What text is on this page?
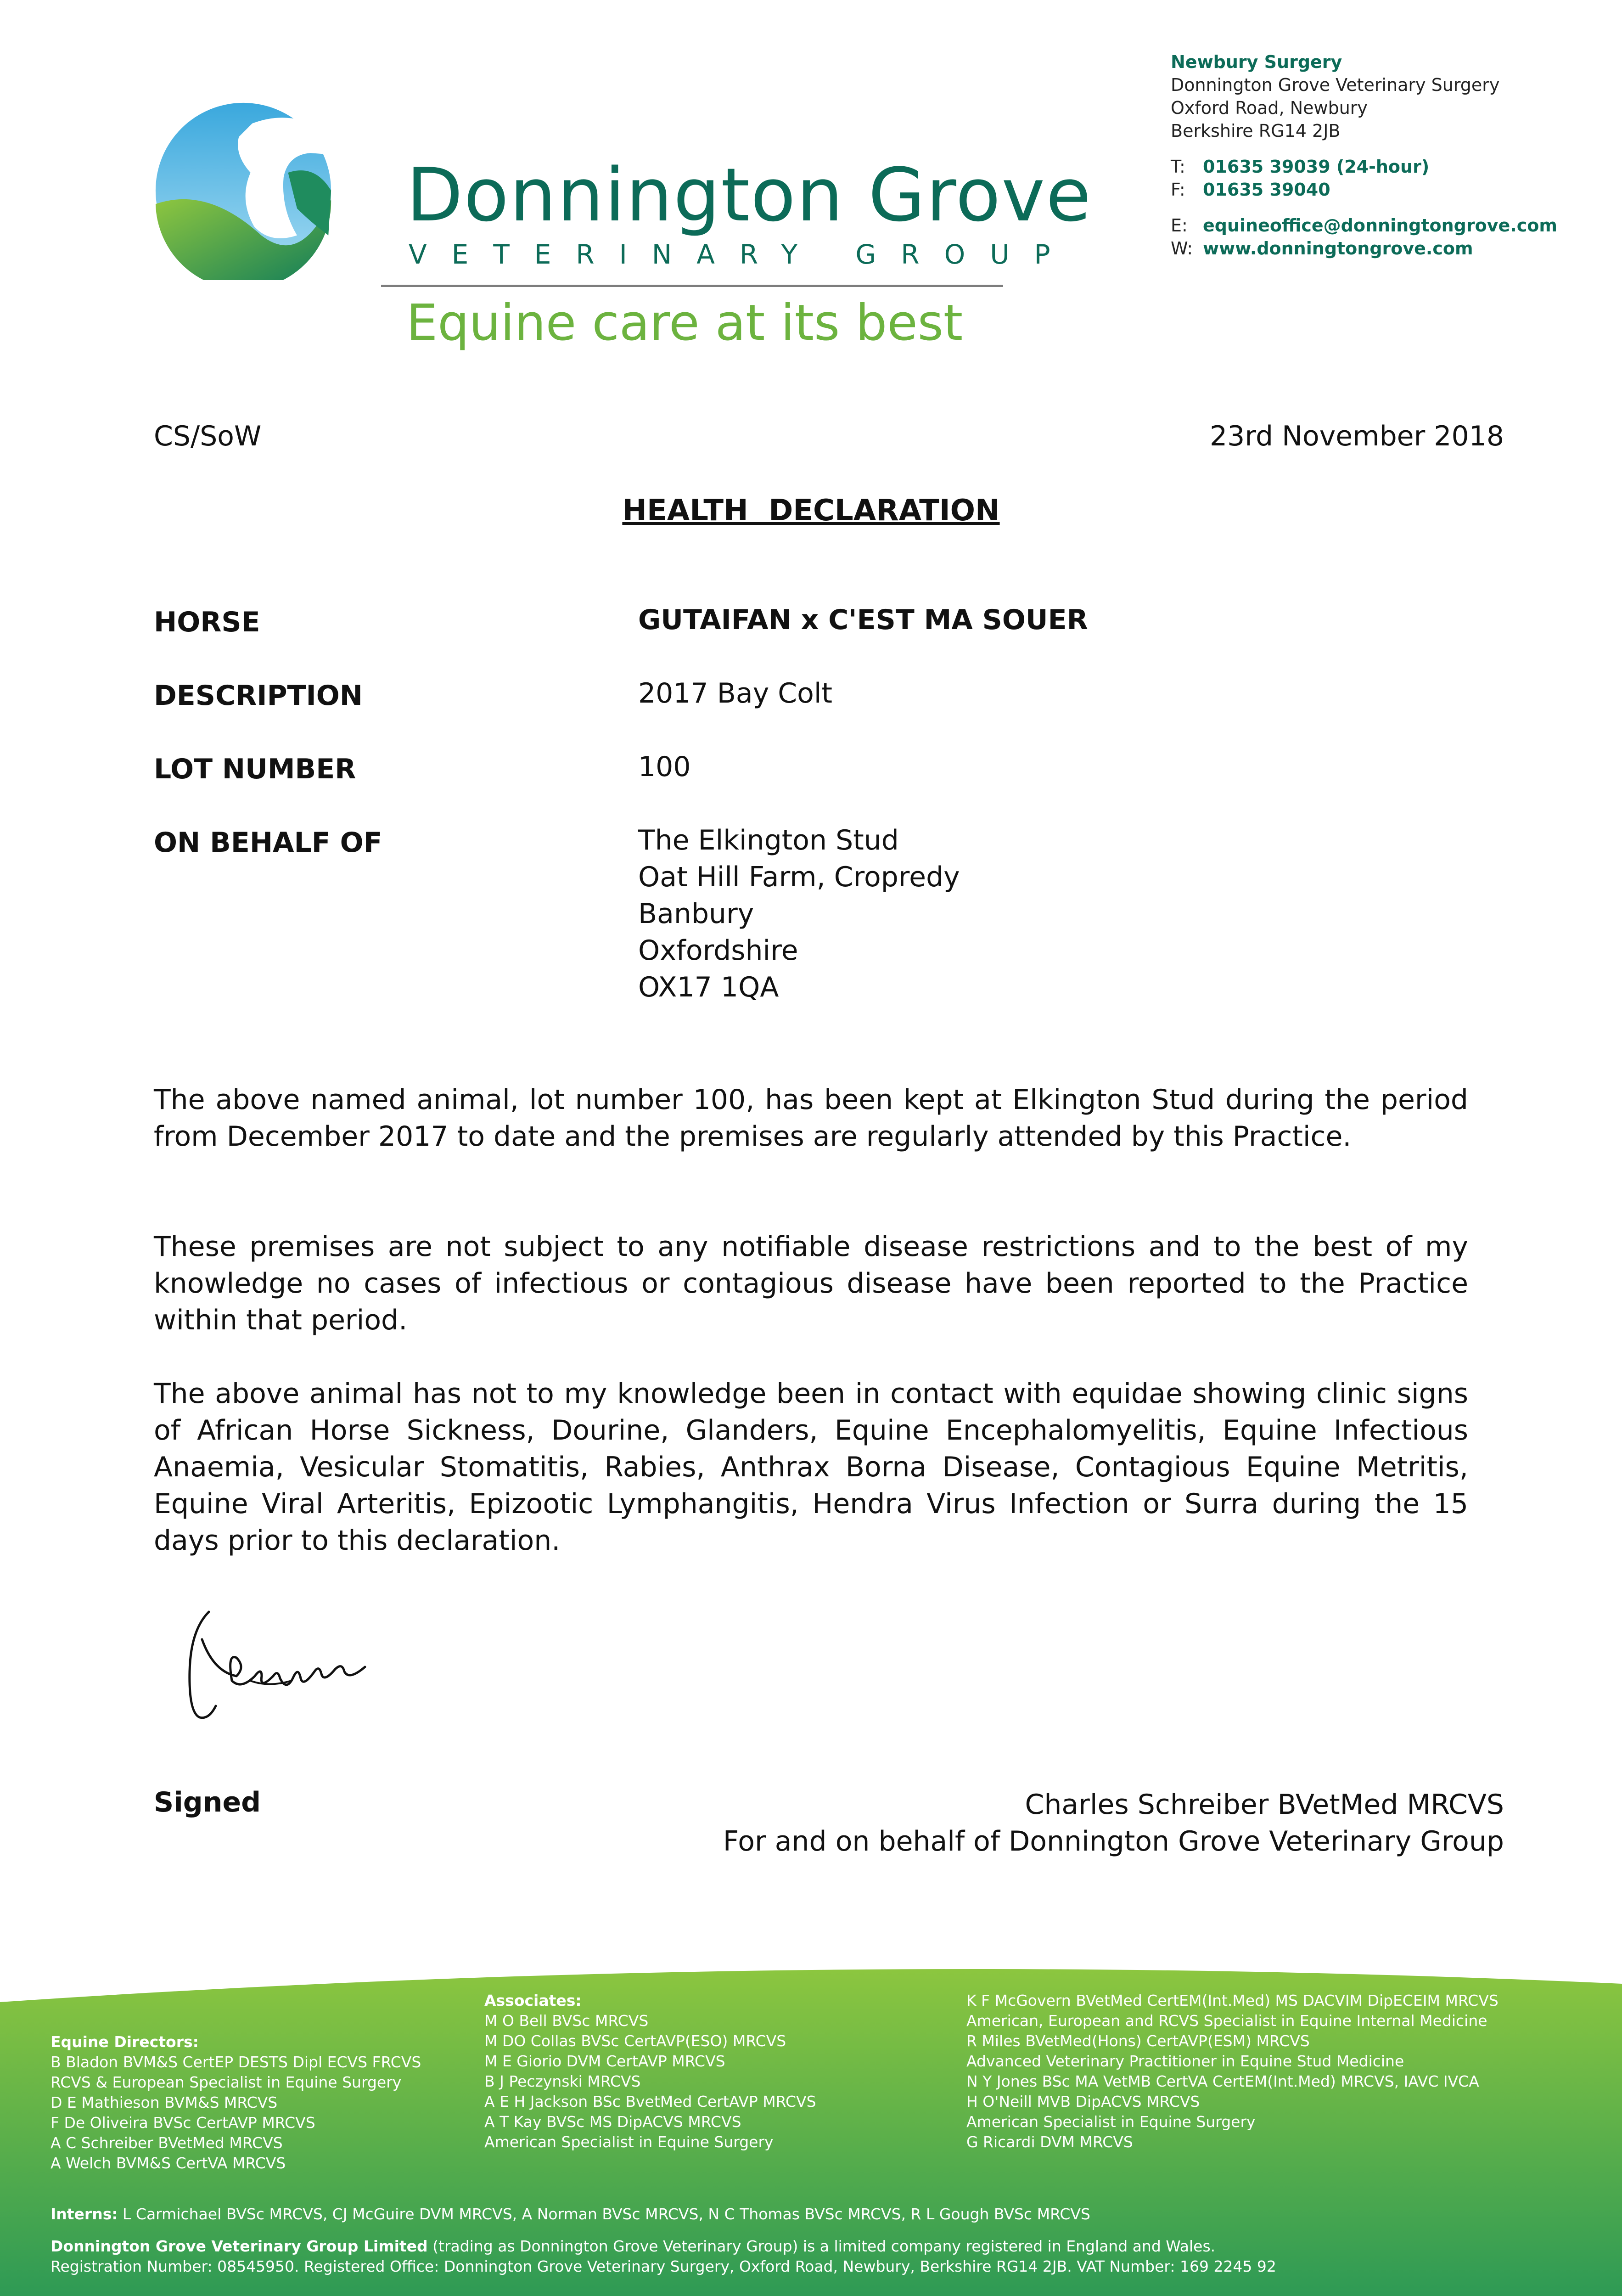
Donnington Grove
VETERINARY GROUP
Equine care at its best
Newbury Surgery
Donnington Grove Veterinary Surgery
Oxford Road, Newbury
Berkshire RG14 2JB
T: 01635 39039 (24-hour)
F: 01635 39040
E: equineoffice@donningtongrove.com
W: www.donningtongrove.com
CS/SoW	23rd November 2018
HEALTH  DECLARATION
HORSE	GUTAIFAN x C'EST MA SOUER
DESCRIPTION	2017 Bay Colt
LOT NUMBER	100
ON BEHALF OF	The Elkington Stud
Oat Hill Farm, Cropredy
Banbury
Oxfordshire
OX17 1QA
The above named animal, lot number 100, has been kept at Elkington Stud during the period from December 2017 to date and the premises are regularly attended by this Practice.
These premises are not subject to any notifiable disease restrictions and to the best of my knowledge no cases of infectious or contagious disease have been reported to the Practice within that period.
The above animal has not to my knowledge been in contact with equidae showing clinic signs of African Horse Sickness, Dourine, Glanders, Equine Encephalomyelitis, Equine Infectious Anaemia, Vesicular Stomatitis, Rabies, Anthrax Borna Disease, Contagious Equine Metritis, Equine Viral Arteritis, Epizootic Lymphangitis, Hendra Virus Infection or Surra during the 15 days prior to this declaration.
Signed	Charles Schreiber BVetMed MRCVS
For and on behalf of Donnington Grove Veterinary Group
Equine Directors:
B Bladon BVM&S CertEP DESTS Dipl ECVS FRCVS
RCVS & European Specialist in Equine Surgery
D E Mathieson BVM&S MRCVS
F De Oliveira BVSc CertAVP MRCVS
A C Schreiber BVetMed MRCVS
A Welch BVM&S CertVA MRCVS
Associates:
M O Bell BVSc MRCVS
M DO Collas BVSc CertAVP(ESO) MRCVS
M E Giorio DVM CertAVP MRCVS
B J Peczynski MRCVS
A E H Jackson BSc BvetMed CertAVP MRCVS
A T Kay BVSc MS DipACVS MRCVS
American Specialist in Equine Surgery
K F McGovern BVetMed CertEM(Int.Med) MS DACVIM DipECEIM MRCVS
American, European and RCVS Specialist in Equine Internal Medicine
R Miles BVetMed(Hons) CertAVP(ESM) MRCVS
Advanced Veterinary Practitioner in Equine Stud Medicine
N Y Jones BSc MA VetMB CertVA CertEM(Int.Med) MRCVS, IAVC IVCA
H O'Neill MVB DipACVS MRCVS
American Specialist in Equine Surgery
G Ricardi DVM MRCVS
Interns: L Carmichael BVSc MRCVS, CJ McGuire DVM MRCVS, A Norman BVSc MRCVS, N C Thomas BVSc MRCVS, R L Gough BVSc MRCVS
Donnington Grove Veterinary Group Limited (trading as Donnington Grove Veterinary Group) is a limited company registered in England and Wales.
Registration Number: 08545950. Registered Office: Donnington Grove Veterinary Surgery, Oxford Road, Newbury, Berkshire RG14 2JB. VAT Number: 169 2245 92
